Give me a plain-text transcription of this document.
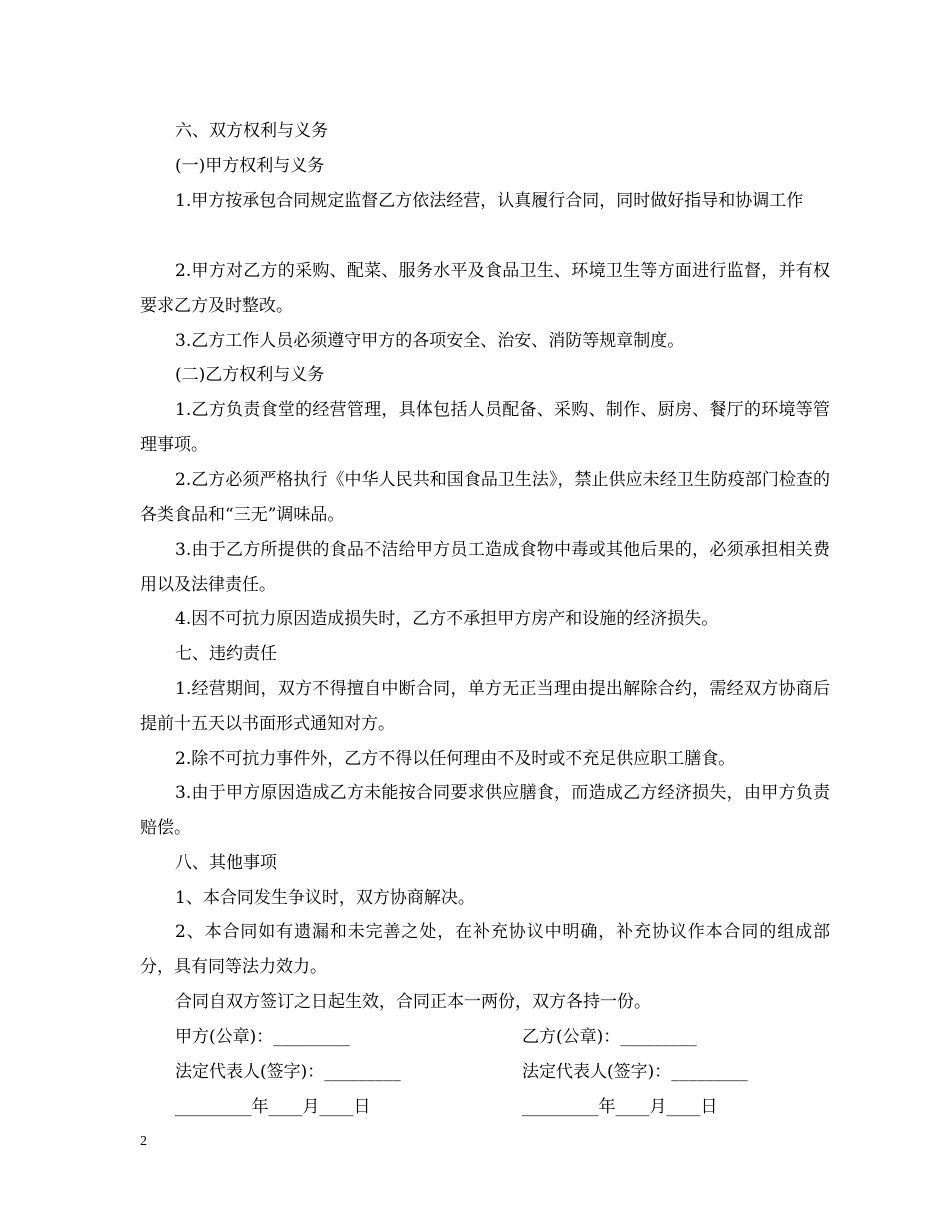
六、双方权利与义务

(一)甲方权利与义务

1.甲方按承包合同规定监督乙方依法经营，认真履行合同，同时做好指导和协调工作

2.甲方对乙方的采购、配菜、服务水平及食品卫生、环境卫生等方面进行监督，并有权要求乙方及时整改。

3.乙方工作人员必须遵守甲方的各项安全、治安、消防等规章制度。

(二)乙方权利与义务

1.乙方负责食堂的经营管理，具体包括人员配备、采购、制作、厨房、餐厅的环境等管理事项。

2.乙方必须严格执行《中华人民共和国食品卫生法》，禁止供应未经卫生防疫部门检查的各类食品和“三无”调味品。

3.由于乙方所提供的食品不洁给甲方员工造成食物中毒或其他后果的，必须承担相关费用以及法律责任。

4.因不可抗力原因造成损失时，乙方不承担甲方房产和设施的经济损失。

七、违约责任

1.经营期间，双方不得擅自中断合同，单方无正当理由提出解除合约，需经双方协商后提前十五天以书面形式通知对方。

2.除不可抗力事件外，乙方不得以任何理由不及时或不充足供应职工膳食。

3.由于甲方原因造成乙方未能按合同要求供应膳食，而造成乙方经济损失，由甲方负责赔偿。

八、其他事项

1、本合同发生争议时，双方协商解决。

2、本合同如有遗漏和未完善之处，在补充协议中明确，补充协议作本合同的组成部分，具有同等法力效力。

合同自双方签订之日起生效，合同正本一两份，双方各持一份。

甲方(公章)：_________	乙方(公章)：_________
法定代表人(签字)：_________	法定代表人(签字)：_________
_________年____月____日	_________年____月____日
2
